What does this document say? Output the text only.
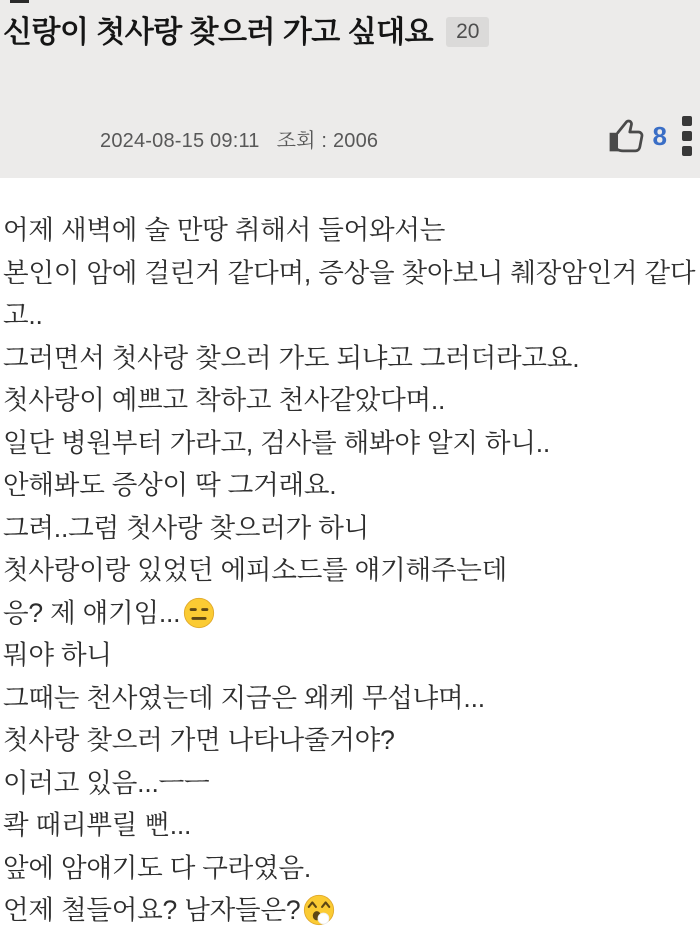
신랑이 첫사랑 찾으러 가고 싶대요	20
2024-08-15 09:11 조회 : 2006	8

어제 새벽에 술 만땅 취해서 들어와서는

본인이 암에 걸린거 같다며, 증상을 찾아보니 췌장암인거 같다고..

그러면서 첫사랑 찾으러 가도 되냐고 그러더라고요.

첫사랑이 예쁘고 착하고 천사같았다며..

일단 병원부터 가라고, 검사를 해봐야 알지 하니..

안해봐도 증상이 딱 그거래요.

그려..그럼 첫사랑 찾으러가 하니

첫사랑이랑 있었던 에피소드를 얘기해주는데

응? 제 얘기임...

뭐야 하니

그때는 천사였는데 지금은 왜케 무섭냐며...

첫사랑 찾으러 가면 나타나줄거야?

이러고 있음...ㅡㅡ

콱 때리뿌릴 뻔...

앞에 암얘기도 다 구라였음.

언제 철들어요? 남자들은?
